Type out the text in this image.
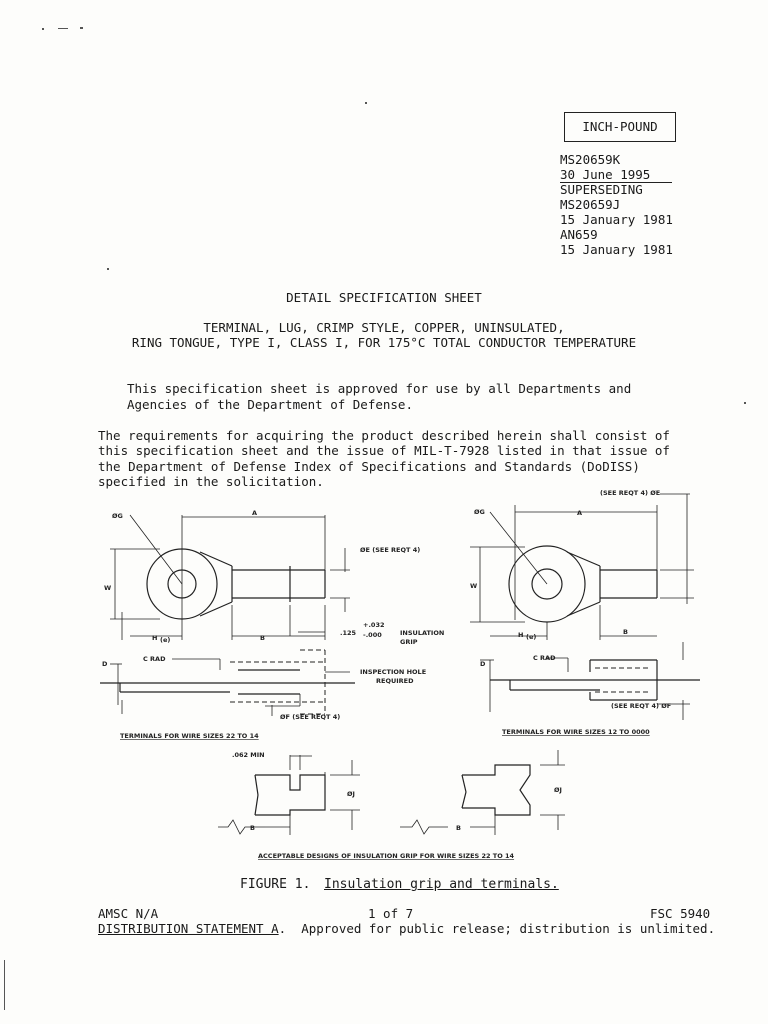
INCH-POUND
MS20659K
30 June 1995
SUPERSEDING
MS20659J
15 January 1981
AN659
15 January 1981
DETAIL SPECIFICATION SHEET
TERMINAL, LUG, CRIMP STYLE, COPPER, UNINSULATED,
RING TONGUE, TYPE I, CLASS I, FOR 175°C TOTAL CONDUCTOR TEMPERATURE
This specification sheet is approved for use by all Departments and
Agencies of the Department of Defense.
The requirements for acquiring the product described herein shall consist of
this specification sheet and the issue of MIL-T-7928 listed in that issue of
the Department of Defense Index of Specifications and Standards (DoDISS)
specified in the solicitation.
ØG	A
ØE (SEE REQT 4)
W
H (e)	B
+.032
-.000
.125	INSULATION
GRIP
D
C RAD
INSPECTION HOLE
REQUIRED
ØF (SEE REQT 4)
TERMINALS FOR WIRE SIZES 22 TO 14
ØG	A
(SEE REQT 4) ØE
W
H (e)
B
D
C RAD
(SEE REQT 4) ØF
TERMINALS FOR WIRE SIZES 12 TO 0000
.062 MIN
ØJ	ØJ
B	B
ACCEPTABLE DESIGNS OF INSULATION GRIP FOR WIRE SIZES 22 TO 14
FIGURE 1. Insulation grip and terminals.
AMSC N/A	1 of 7	FSC 5940
DISTRIBUTION STATEMENT A.  Approved for public release; distribution is unlimited.
